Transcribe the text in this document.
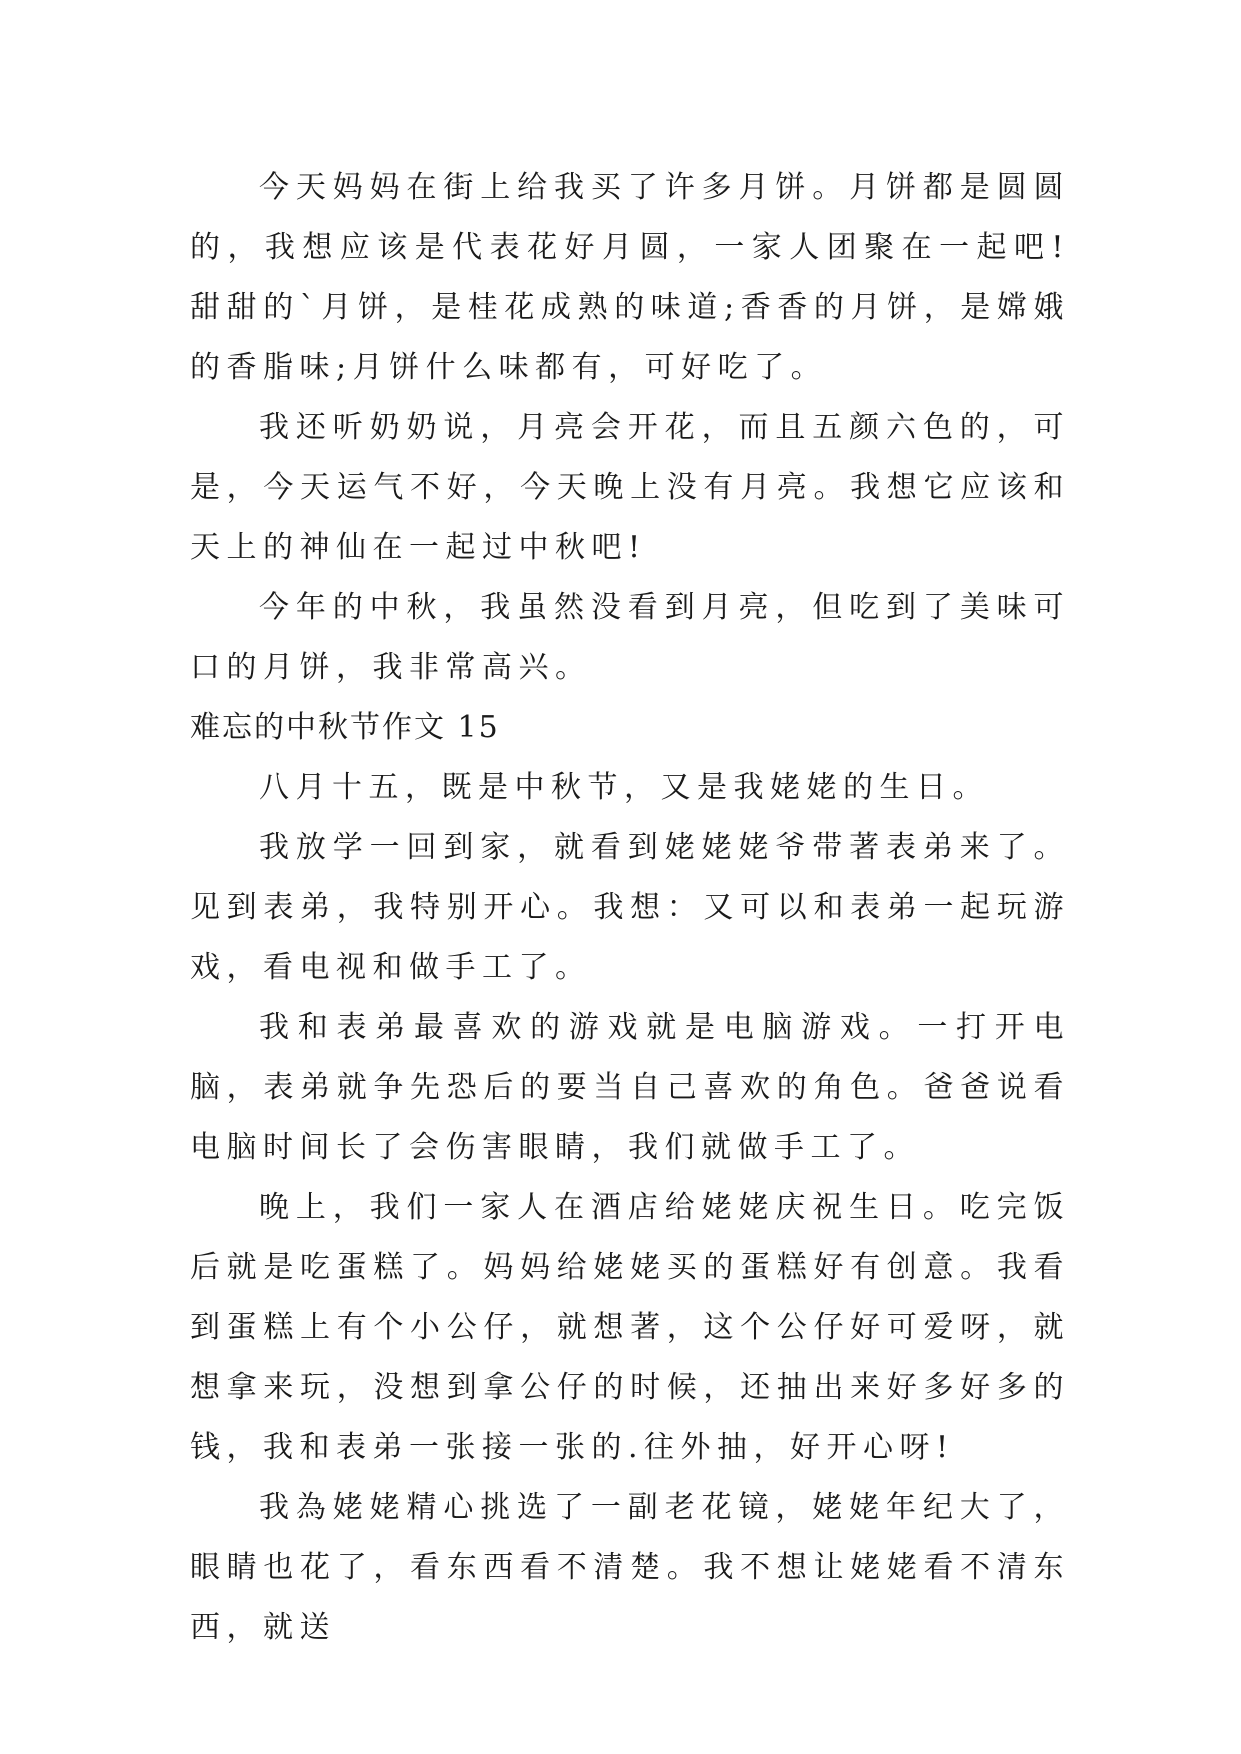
今天妈妈在街上给我买了许多月饼。月饼都是圆圆的，我想应该是代表花好月圆，一家人团聚在一起吧!甜甜的`月饼，是桂花成熟的味道;香香的月饼，是嫦娥的香脂味;月饼什么味都有，可好吃了。

我还听奶奶说，月亮会开花，而且五颜六色的，可是，今天运气不好，今天晚上没有月亮。我想它应该和天上的神仙在一起过中秋吧!

今年的中秋，我虽然没看到月亮，但吃到了美味可口的月饼，我非常高兴。

难忘的中秋节作文 15

八月十五，既是中秋节，又是我姥姥的生日。

我放学一回到家，就看到姥姥姥爷带著表弟来了。见到表弟，我特别开心。我想：又可以和表弟一起玩游戏，看电视和做手工了。

我和表弟最喜欢的游戏就是电脑游戏。一打开电脑，表弟就争先恐后的要当自己喜欢的角色。爸爸说看电脑时间长了会伤害眼睛，我们就做手工了。

晚上，我们一家人在酒店给姥姥庆祝生日。吃完饭后就是吃蛋糕了。妈妈给姥姥买的蛋糕好有创意。我看到蛋糕上有个小公仔，就想著，这个公仔好可爱呀，就想拿来玩，没想到拿公仔的时候，还抽出来好多好多的钱，我和表弟一张接一张的.往外抽，好开心呀!

我為姥姥精心挑选了一副老花镜，姥姥年纪大了，眼睛也花了，看东西看不清楚。我不想让姥姥看不清东西，就送
